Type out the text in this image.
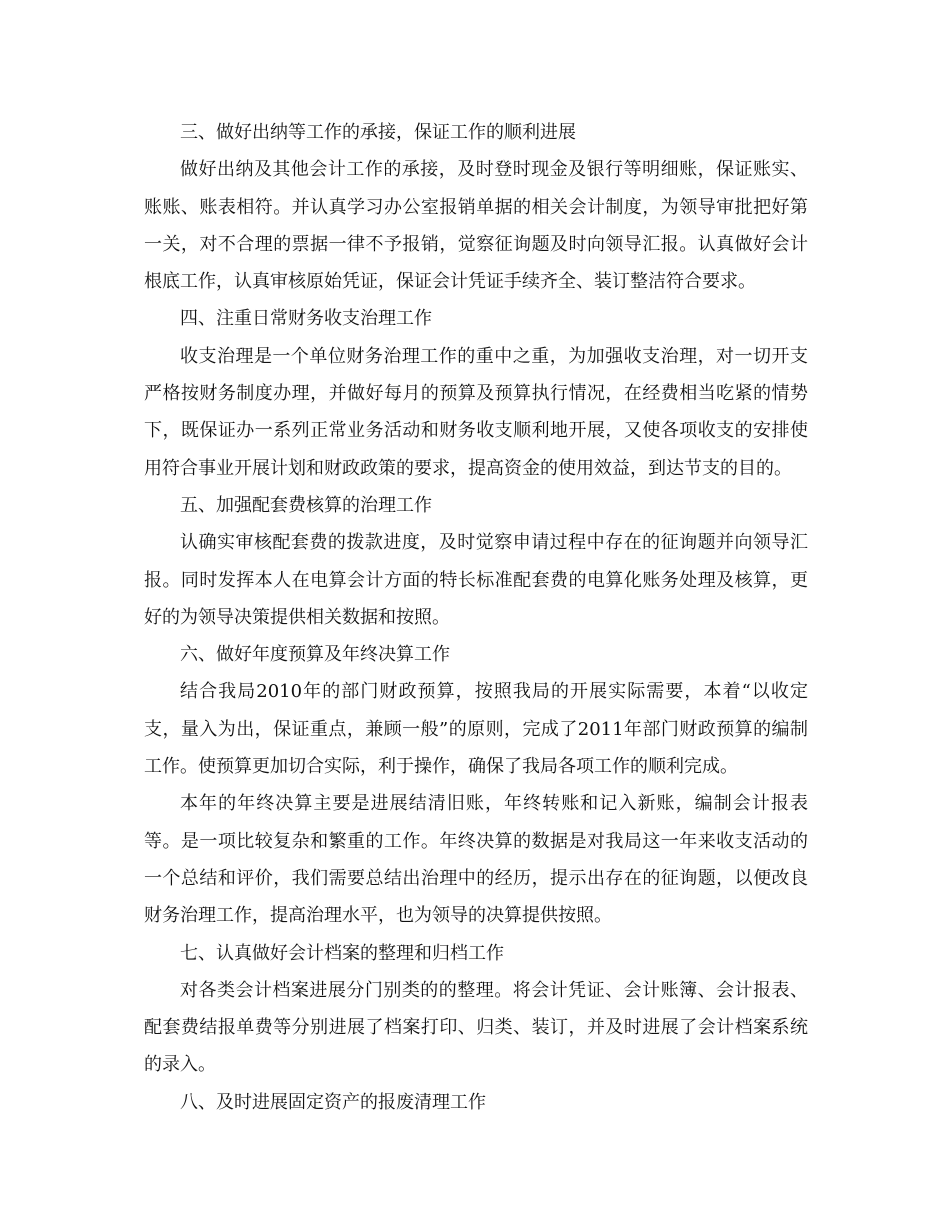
三、做好出纳等工作的承接，保证工作的顺利进展

做好出纳及其他会计工作的承接，及时登时现金及银行等明细账，保证账实、账账、账表相符。并认真学习办公室报销单据的相关会计制度，为领导审批把好第一关，对不合理的票据一律不予报销，觉察征询题及时向领导汇报。认真做好会计根底工作，认真审核原始凭证，保证会计凭证手续齐全、装订整洁符合要求。

四、注重日常财务收支治理工作

收支治理是一个单位财务治理工作的重中之重，为加强收支治理，对一切开支严格按财务制度办理，并做好每月的预算及预算执行情况，在经费相当吃紧的情势下，既保证办一系列正常业务活动和财务收支顺利地开展，又使各项收支的安排使用符合事业开展计划和财政政策的要求，提高资金的使用效益，到达节支的目的。

五、加强配套费核算的治理工作

认确实审核配套费的拨款进度，及时觉察申请过程中存在的征询题并向领导汇报。同时发挥本人在电算会计方面的特长标准配套费的电算化账务处理及核算，更好的为领导决策提供相关数据和按照。

六、做好年度预算及年终决算工作

结合我局2010年的部门财政预算，按照我局的开展实际需要，本着“以收定支，量入为出，保证重点，兼顾一般”的原则，完成了2011年部门财政预算的编制工作。使预算更加切合实际，利于操作，确保了我局各项工作的顺利完成。

本年的年终决算主要是进展结清旧账，年终转账和记入新账，编制会计报表等。是一项比较复杂和繁重的工作。年终决算的数据是对我局这一年来收支活动的一个总结和评价，我们需要总结出治理中的经历，提示出存在的征询题，以便改良财务治理工作，提高治理水平，也为领导的决算提供按照。

七、认真做好会计档案的整理和归档工作

对各类会计档案进展分门别类的的整理。将会计凭证、会计账簿、会计报表、配套费结报单费等分别进展了档案打印、归类、装订，并及时进展了会计档案系统的录入。

八、及时进展固定资产的报废清理工作
